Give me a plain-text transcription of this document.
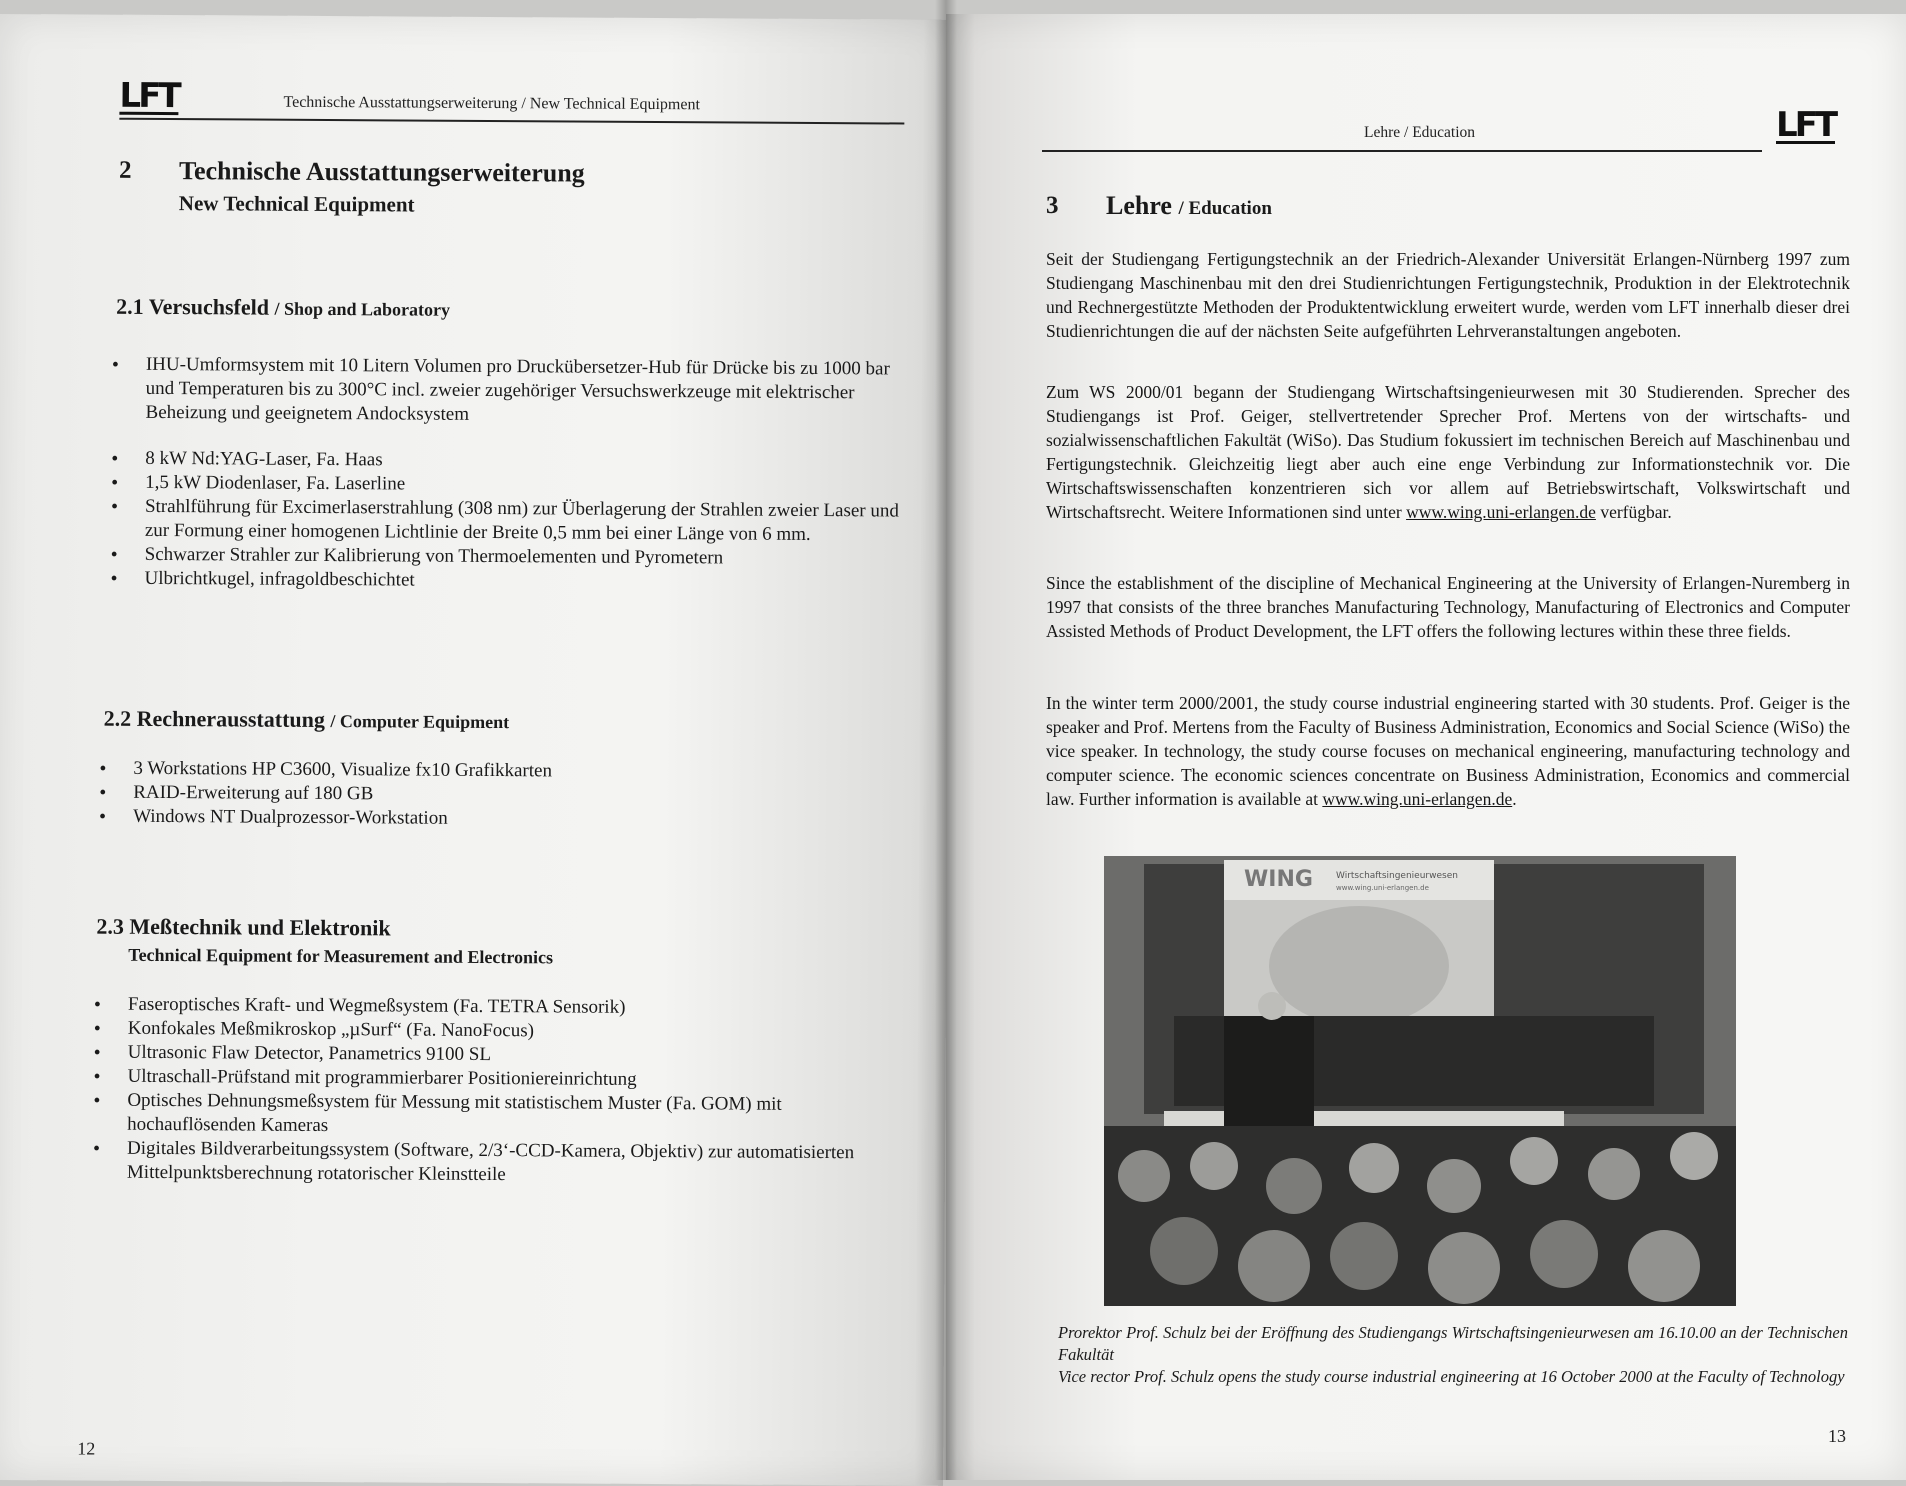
LFT	Technische Ausstattungserweiterung / New Technical Equipment
2 Technische Ausstattungserweiterung
New Technical Equipment
2.1 Versuchsfeld / Shop and Laboratory
• IHU-Umformsystem mit 10 Litern Volumen pro Druckübersetzer-Hub für Drücke bis zu 1000 bar und Temperaturen bis zu 300°C incl. zweier zugehöriger Versuchswerkzeuge mit elektrischer Beheizung und geeignetem Andocksystem
• 8 kW Nd:YAG-Laser, Fa. Haas
• 1,5 kW Diodenlaser, Fa. Laserline
• Strahlführung für Excimerlaserstrahlung (308 nm) zur Überlagerung der Strahlen zweier Laser und zur Formung einer homogenen Lichtlinie der Breite 0,5 mm bei einer Länge von 6 mm.
• Schwarzer Strahler zur Kalibrierung von Thermoelementen und Pyrometern
• Ulbrichtkugel, infragoldbeschichtet
2.2 Rechnerausstattung / Computer Equipment
• 3 Workstations HP C3600, Visualize fx10 Grafikkarten
• RAID-Erweiterung auf 180 GB
• Windows NT Dualprozessor-Workstation
2.3 Meßtechnik und Elektronik
Technical Equipment for Measurement and Electronics
• Faseroptisches Kraft- und Wegmeßsystem (Fa. TETRA Sensorik)
• Konfokales Meßmikroskop „µSurf“ (Fa. NanoFocus)
• Ultrasonic Flaw Detector, Panametrics 9100 SL
• Ultraschall-Prüfstand mit programmierbarer Positioniereinrichtung
• Optisches Dehnungsmeßsystem für Messung mit statistischem Muster (Fa. GOM) mit hochauflösenden Kameras
• Digitales Bildverarbeitungssystem (Software, 2/3‘-CCD-Kamera, Objektiv) zur automatisierten Mittelpunktsberechnung rotatorischer Kleinstteile
12
Lehre / Education	LFT
3 Lehre / Education

Seit der Studiengang Fertigungstechnik an der Friedrich-Alexander Universität Erlangen-Nürnberg 1997 zum Studiengang Maschinenbau mit den drei Studienrichtungen Fertigungstechnik, Produktion in der Elektrotechnik und Rechnergestützte Methoden der Produktentwicklung erweitert wurde, werden vom LFT innerhalb dieser drei Studienrichtungen die auf der nächsten Seite aufgeführten Lehrveranstaltungen angeboten.

Zum WS 2000/01 begann der Studiengang Wirtschaftsingenieurwesen mit 30 Studierenden. Sprecher des Studiengangs ist Prof. Geiger, stellvertretender Sprecher Prof. Mertens von der wirtschafts- und sozialwissenschaftlichen Fakultät (WiSo). Das Studium fokussiert im technischen Bereich auf Maschinenbau und Fertigungstechnik. Gleichzeitig liegt aber auch eine enge Verbindung zur Informationstechnik vor. Die Wirtschaftswissenschaften konzentrieren sich vor allem auf Betriebswirtschaft, Volkswirtschaft und Wirtschaftsrecht. Weitere Informationen sind unter www.wing.uni-erlangen.de verfügbar.

Since the establishment of the discipline of Mechanical Engineering at the University of Erlangen-Nuremberg in 1997 that consists of the three branches Manufacturing Technology, Manufacturing of Electronics and Computer Assisted Methods of Product Development, the LFT offers the following lectures within these three fields.

In the winter term 2000/2001, the study course industrial engineering started with 30 students. Prof. Geiger is the speaker and Prof. Mertens from the Faculty of Business Administration, Economics and Social Science (WiSo) the vice speaker. In technology, the study course focuses on mechanical engineering, manufacturing technology and computer science. The economic sciences concentrate on Business Administration, Economics and commercial law. Further information is available at www.wing.uni-erlangen.de.

WING	Wirtschaftsingenieurwesen
www.wing.uni-erlangen.de
Prorektor Prof. Schulz bei der Eröffnung des Studiengangs Wirtschaftsingenieurwesen am 16.10.00 an der Technischen Fakultät
Vice rector Prof. Schulz opens the study course industrial engineering at 16 October 2000 at the Faculty of Technology
13
